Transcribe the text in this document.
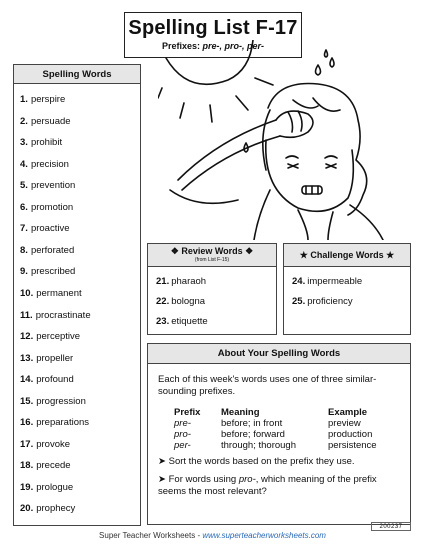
Spelling List F-17
Prefixes: pre-, pro-, per-
Spelling Words
1. perspire
2. persuade
3. prohibit
4. precision
5. prevention
6. promotion
7. proactive
8. perforated
9. prescribed
10. permanent
11. procrastinate
12. perceptive
13. propeller
14. profound
15. progression
16. preparations
17. provoke
18. precede
19. prologue
20. prophecy
❖ Review Words ❖
(from List F-15)
21. pharaoh
22. bologna
23. etiquette
★ Challenge Words ★
24. impermeable
25. proficiency
About Your Spelling Words
Each of this week's words uses one of three similar-sounding prefixes.
Prefix	Meaning	Example
pre-	before; in front	preview
pro-	before; forward	production
per-	through; thorough	persistence
➤ Sort the words based on the prefix they use.
➤ For words using pro-, which meaning of the prefix seems the most relevant?
200237
Super Teacher Worksheets - www.superteacherworksheets.com
